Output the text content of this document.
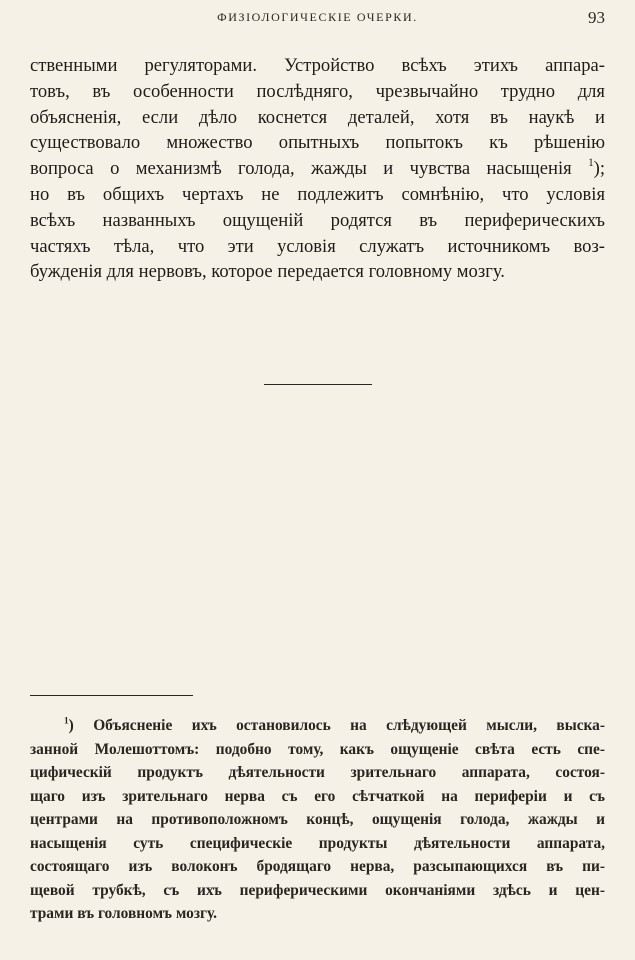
ФИЗIОЛОГИЧЕСКIЕ ОЧЕРКИ.	93
ственными регуляторами. Устройство всѣхъ этихъ аппара-
товъ, въ особенности послѣдняго, чрезвычайно трудно для
объясненiя, если дѣло коснется деталей, хотя въ наукѣ и
существовало множество опытныхъ попытокъ къ рѣшенiю
вопроса о механизмѣ голода, жажды и чувства насыщенiя $^1$);
но въ общихъ чертахъ не подлежитъ сомнѣнiю, что условiя
всѣхъ названныхъ ощущенiй родятся въ периферическихъ
частяхъ тѣла, что эти условiя служатъ источникомъ воз-
бужденiя для нервовъ, которое передается головному мозгу.
$^1$) Объясненiе ихъ остановилось на слѣдующей мысли, выска-
занной Молешоттомъ: подобно тому, какъ ощущенiе свѣта есть спе-
цифическiй продуктъ дѣятельности зрительнаго аппарата, состоя-
щаго изъ зрительнаго нерва съ его сѣтчаткой на периферiи и съ
центрами на противоположномъ концѣ, ощущенiя голода, жажды и
насыщенiя суть специфическiе продукты дѣятельности аппарата,
состоящаго изъ волоконъ бродящаго нерва, разсыпающихся въ пи-
щевой трубкѣ, съ ихъ периферическими окончанiями здѣсь и цен-
трами въ головномъ мозгу.
